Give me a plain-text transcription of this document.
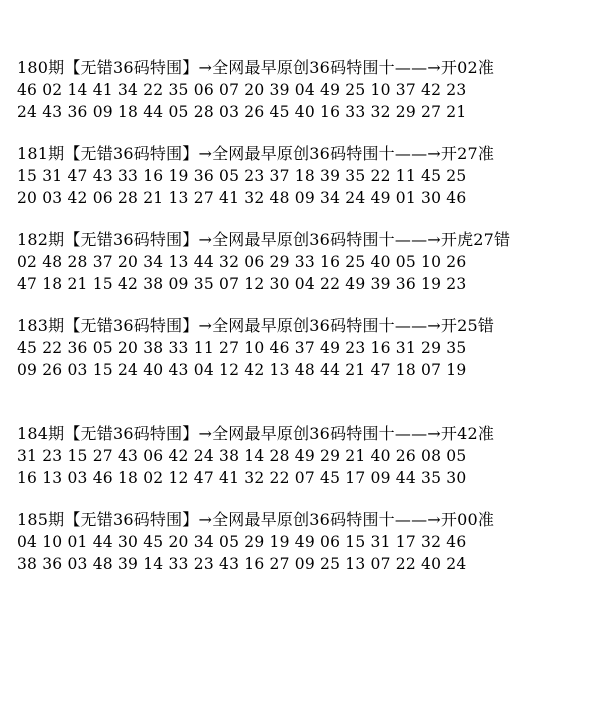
180期【无错36码特围】→全网最早原创36码特围十——→开02准
46 02 14 41 34 22 35 06 07 20 39 04 49 25 10 37 42 23
24 43 36 09 18 44 05 28 03 26 45 40 16 33 32 29 27 21
181期【无错36码特围】→全网最早原创36码特围十——→开27准
15 31 47 43 33 16 19 36 05 23 37 18 39 35 22 11 45 25
20 03 42 06 28 21 13 27 41 32 48 09 34 24 49 01 30 46
182期【无错36码特围】→全网最早原创36码特围十——→开虎27错
02 48 28 37 20 34 13 44 32 06 29 33 16 25 40 05 10 26
47 18 21 15 42 38 09 35 07 12 30 04 22 49 39 36 19 23
183期【无错36码特围】→全网最早原创36码特围十——→开25错
45 22 36 05 20 38 33 11 27 10 46 37 49 23 16 31 29 35
09 26 03 15 24 40 43 04 12 42 13 48 44 21 47 18 07 19
184期【无错36码特围】→全网最早原创36码特围十——→开42准
31 23 15 27 43 06 42 24 38 14 28 49 29 21 40 26 08 05
16 13 03 46 18 02 12 47 41 32 22 07 45 17 09 44 35 30
185期【无错36码特围】→全网最早原创36码特围十——→开00准
04 10 01 44 30 45 20 34 05 29 19 49 06 15 31 17 32 46
38 36 03 48 39 14 33 23 43 16 27 09 25 13 07 22 40 24
